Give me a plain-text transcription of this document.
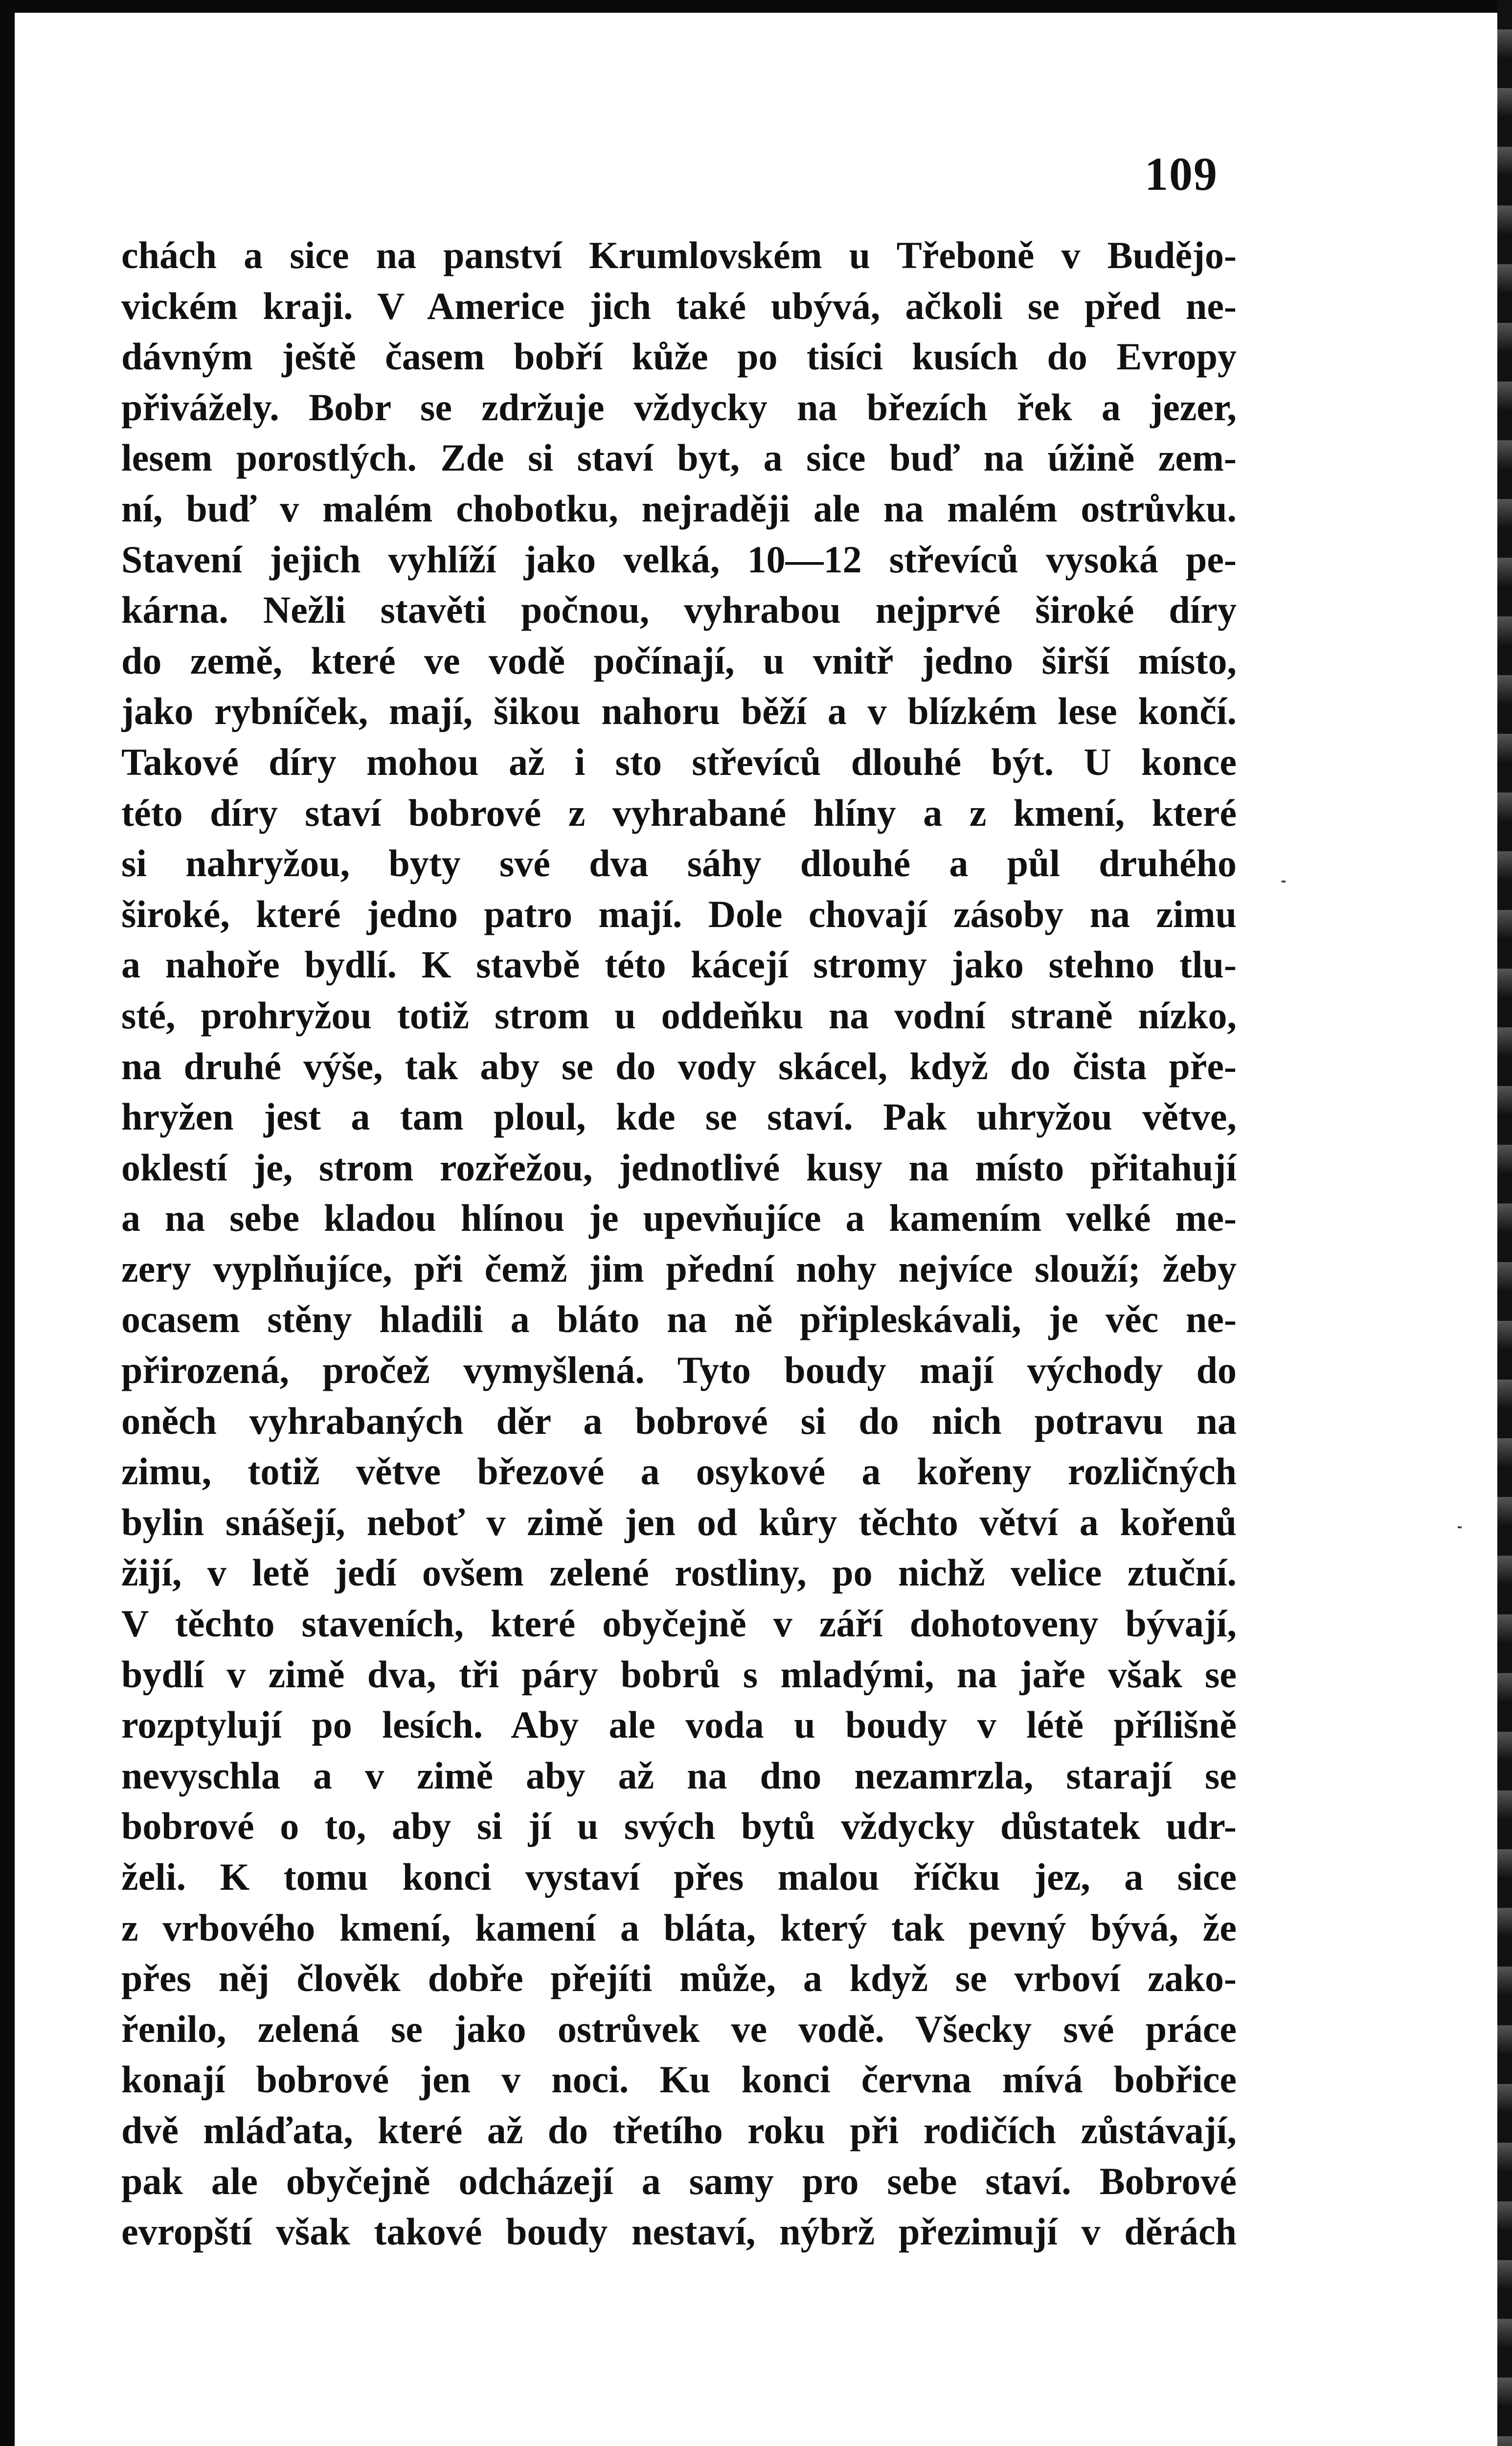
109
chách a sice na panství Krumlovském u Třeboně v Budějo-
vickém kraji. V Americe jich také ubývá, ačkoli se před ne-
dávným ještě časem bobří kůže po tisíci kusích do Evropy
přivážely. Bobr se zdržuje vždycky na březích řek a jezer,
lesem porostlých. Zde si staví byt, a sice buď na úžině zem-
ní, buď v malém chobotku, nejraději ale na malém ostrůvku.
Stavení jejich vyhlíží jako velká, 10—12 střevíců vysoká pe-
kárna. Nežli stavěti počnou, vyhrabou nejprvé široké díry
do země, které ve vodě počínají, u vnitř jedno širší místo,
jako rybníček, mají, šikou nahoru běží a v blízkém lese končí.
Takové díry mohou až i sto střevíců dlouhé být. U konce
této díry staví bobrové z vyhrabané hlíny a z kmení, které
si nahryžou, byty své dva sáhy dlouhé a půl druhého
široké, které jedno patro mají. Dole chovají zásoby na zimu
a nahoře bydlí. K stavbě této kácejí stromy jako stehno tlu-
sté, prohryžou totiž strom u oddeňku na vodní straně nízko,
na druhé výše, tak aby se do vody skácel, když do čista pře-
hryžen jest a tam ploul, kde se staví. Pak uhryžou větve,
oklestí je, strom rozřežou, jednotlivé kusy na místo přitahují
a na sebe kladou hlínou je upevňujíce a kamením velké me-
zery vyplňujíce, při čemž jim přední nohy nejvíce slouží; žeby
ocasem stěny hladili a bláto na ně připleskávali, je věc ne-
přirozená, pročež vymyšlená. Tyto boudy mají východy do
oněch vyhrabaných děr a bobrové si do nich potravu na
zimu, totiž větve březové a osykové a kořeny rozličných
bylin snášejí, neboť v zimě jen od kůry těchto větví a kořenů
žijí, v letě jedí ovšem zelené rostliny, po nichž velice ztuční.
V těchto staveních, které obyčejně v září dohotoveny bývají,
bydlí v zimě dva, tři páry bobrů s mladými, na jaře však se
rozptylují po lesích. Aby ale voda u boudy v létě přílišně
nevyschla a v zimě aby až na dno nezamrzla, starají se
bobrové o to, aby si jí u svých bytů vždycky důstatek udr-
želi. K tomu konci vystaví přes malou říčku jez, a sice
z vrbového kmení, kamení a bláta, který tak pevný bývá, že
přes něj člověk dobře přejíti může, a když se vrboví zako-
řenilo, zelená se jako ostrůvek ve vodě. Všecky své práce
konají bobrové jen v noci. Ku konci června mívá bobřice
dvě mláďata, které až do třetího roku při rodičích zůstávají,
pak ale obyčejně odcházejí a samy pro sebe staví. Bobrové
evropští však takové boudy nestaví, nýbrž přezimují v děrách
